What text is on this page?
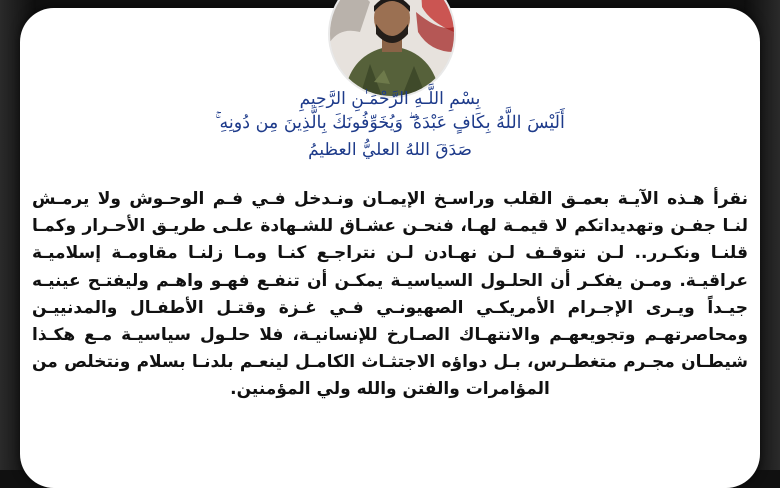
بِسْمِ اللَّـهِ الرَّحْمَـٰنِ الرَّحِيمِ
أَلَيْسَ اللَّهُ بِكَافٍ عَبْدَهُ ۖ وَيُخَوِّفُونَكَ بِالَّذِينَ مِن دُونِهِ ۚ
صَدَقَ اللهُ العليُّ العظيمُ
نقرأ هـذه الآيـة بعمـق القلب وراسـخ الإيمـان ونـدخل فـي فـم الوحـوش ولا يرمـش لنـا جفـن وتهديداتكم لا قيمـة لهـا، فنحـن عشـاق للشـهادة علـى طريـق الأحـرار وكمـا قلنـا ونكـرر.. لـن نتوقـف لـن نهـادن لـن نتراجـع كنـا ومـا زلنـا مقاومـة إسلاميـة عراقيـة. ومـن يفكـر أن الحلـول السياسيـة يمكـن أن تنفـع فهـو واهـم وليفتـح عينيـه جيـداً ويـرى الإجـرام الأمريكـي الصهيونـي فـي غـزة وقتـل الأطفـال والمدنييـن ومحاصرتهـم وتجويعهـم والانتهـاك الصـارخ للإنسانيـة، فلا حلـول سياسيـة مـع هكـذا شيطـان مجـرم متغطـرس، بـل دواؤه الاجتثـاث الكامـل لينعـم بلدنـا بسلام ونتخلص من المؤامرات والفتن والله ولي المؤمنين.
